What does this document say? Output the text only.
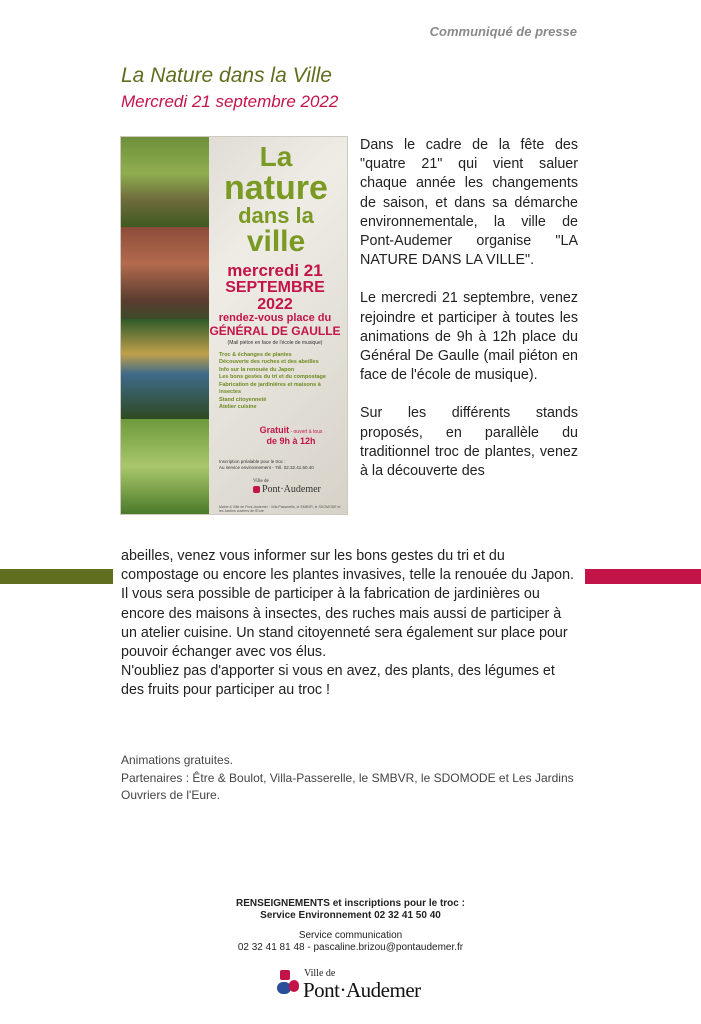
Communiqué de presse
La Nature dans la Ville
Mercredi 21 septembre 2022
La
nature
dans la
ville
mercredi 21
SEPTEMBRE 2022
rendez-vous place du
GÉNÉRAL DE GAULLE
(Mail piéton en face de l'école de musique)
Troc & échanges de plantes
Découverte des ruches et des abeilles
Info sur la renouée du Japon
Les bons gestes du tri et du compostage
Fabrication de jardinières et maisons à
insectes
Stand citoyenneté
Atelier cuisine
Gratuit - ouvert à tous
de 9h à 12h
Inscription préalable pour le troc :
Au service environnement - Tél. 02.32.41.50.40
Ville de
Pont·Audemer
Mairie & Ville de Pont-Audemer · Villa Passerelle, le SMBVR, le SDOMODE et les Jardins ouvriers de l'Eure

Dans le cadre de la fête des "quatre 21" qui vient saluer chaque année les changements de saison, et dans sa démarche environnementale, la ville de Pont-Audemer organise "LA NATURE DANS LA VILLE".

Le mercredi 21 septembre, venez rejoindre et participer à toutes les animations de 9h à 12h place du Général De Gaulle (mail piéton en face de l'école de musique).

Sur les différents stands proposés, en parallèle du traditionnel troc de plantes, venez à la découverte des

abeilles, venez vous informer sur les bons gestes du tri et du compostage ou encore les plantes invasives, telle la renouée du Japon.

Il vous sera possible de participer à la fabrication de jardinières ou encore des maisons à insectes, des ruches mais aussi de participer à un atelier cuisine. Un stand citoyenneté sera également sur place pour pouvoir échanger avec vos élus.

N'oubliez pas d'apporter si vous en avez, des plants, des légumes et des fruits pour participer au troc !

Animations gratuites.

Partenaires : Être & Boulot, Villa-Passerelle, le SMBVR, le SDOMODE et Les Jardins Ouvriers de l'Eure.

RENSEIGNEMENTS et inscriptions pour le troc :
Service Environnement 02 32 41 50 40
Service communication
02 32 41 81 48 - pascaline.brizou@pontaudemer.fr
Ville de
Pont·Audemer
